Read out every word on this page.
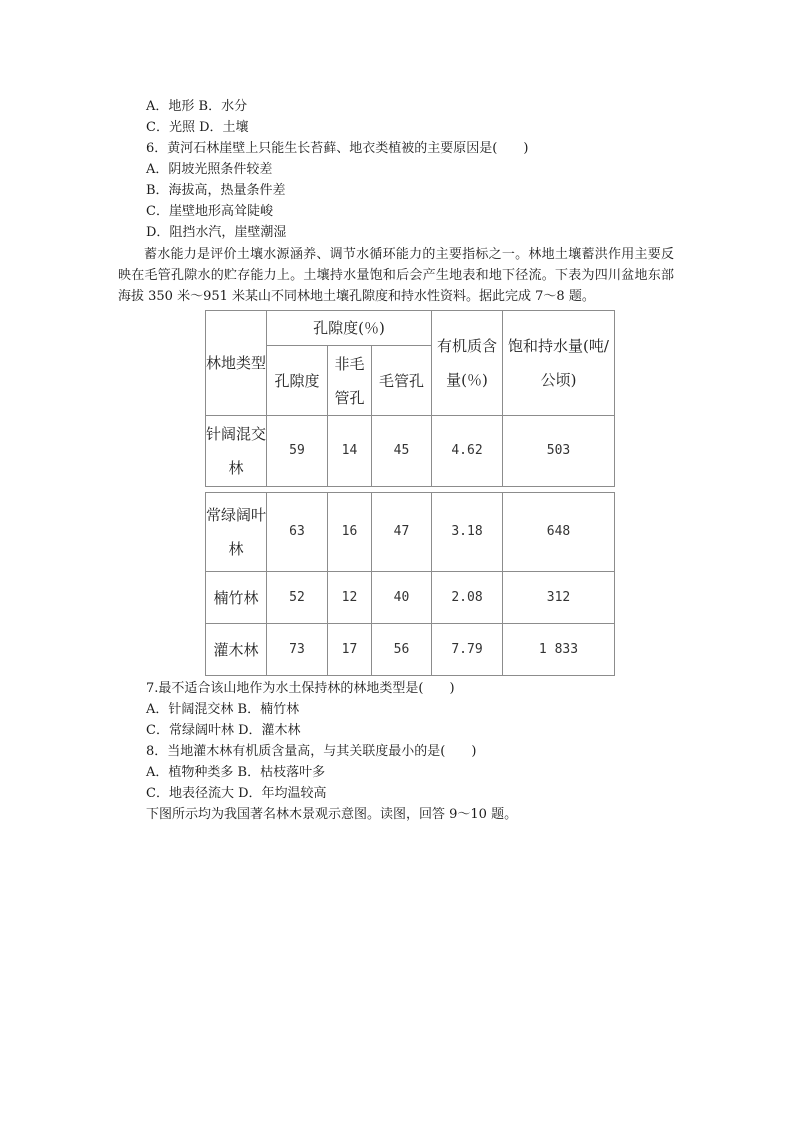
A．地形 B．水分
C．光照 D．土壤
6．黄河石林崖壁上只能生长苔藓、地衣类植被的主要原因是(　　)
A．阴坡光照条件较差
B．海拔高，热量条件差
C．崖壁地形高耸陡峻
D．阻挡水汽，崖壁潮湿
蓄水能力是评价土壤水源涵养、调节水循环能力的主要指标之一。林地土壤蓄洪作用主要反映在毛管孔隙水的贮存能力上。土壤持水量饱和后会产生地表和地下径流。下表为四川盆地东部海拔 350 米～951 米某山不同林地土壤孔隙度和持水性资料。据此完成 7～8 题。
林地类型	孔隙度(％)			有机质含量(％)	饱和持水量(吨/公顷)
	孔隙度	非毛管孔	毛管孔		
针阔混交林	59	14	45	4.62	503
常绿阔叶林	63	16	47	3.18	648
楠竹林	52	12	40	2.08	312
灌木林	73	17	56	7.79	1 833
7.最不适合该山地作为水土保持林的林地类型是(　　)
A．针阔混交林 B．楠竹林
C．常绿阔叶林 D．灌木林
8．当地灌木林有机质含量高，与其关联度最小的是(　　)
A．植物种类多 B．枯枝落叶多
C．地表径流大 D．年均温较高
下图所示均为我国著名林木景观示意图。读图，回答 9～10 题。
